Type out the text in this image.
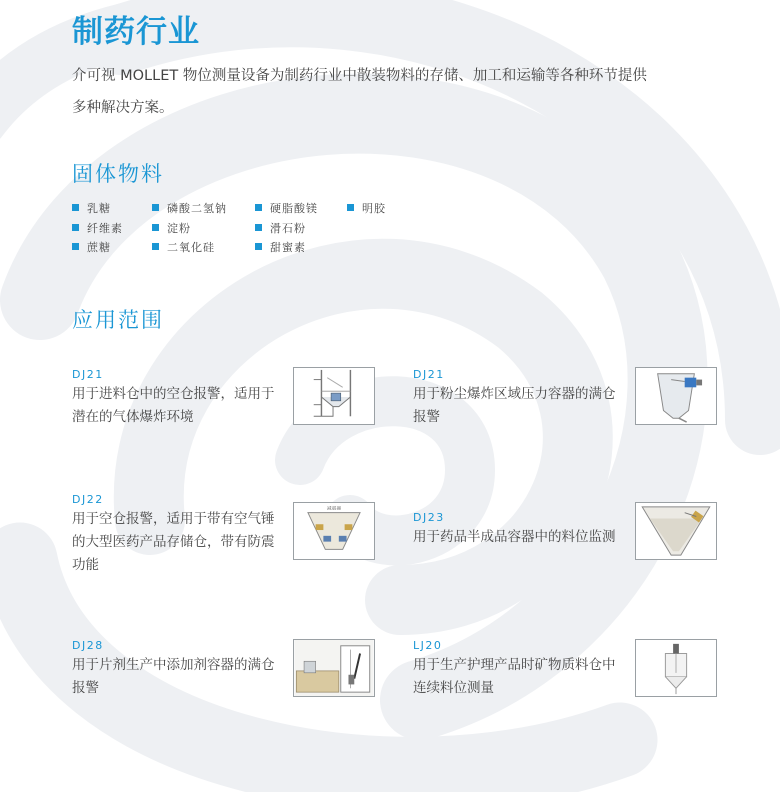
制药行业
介可视 MOLLET 物位测量设备为制药行业中散装物料的存储、加工和运输等各种环节提供多种解决方案。
固体物料
乳糖	磷酸二氢钠	硬脂酸镁	明胶
纤维素	淀粉	滑石粉
蔗糖	二氧化硅	甜蜜素
应用范围
DJ21
用于进料仓中的空仓报警，适用于潜在的气体爆炸环境
DJ21
用于粉尘爆炸区域压力容器的满仓报警
DJ22
用于空仓报警，适用于带有空气锤的大型医药产品存储仓，带有防震功能
减震器
DJ23
用于药品半成品容器中的料位监测
DJ28
用于片剂生产中添加剂容器的满仓报警
LJ20
用于生产护理产品时矿物质料仓中连续料位测量
